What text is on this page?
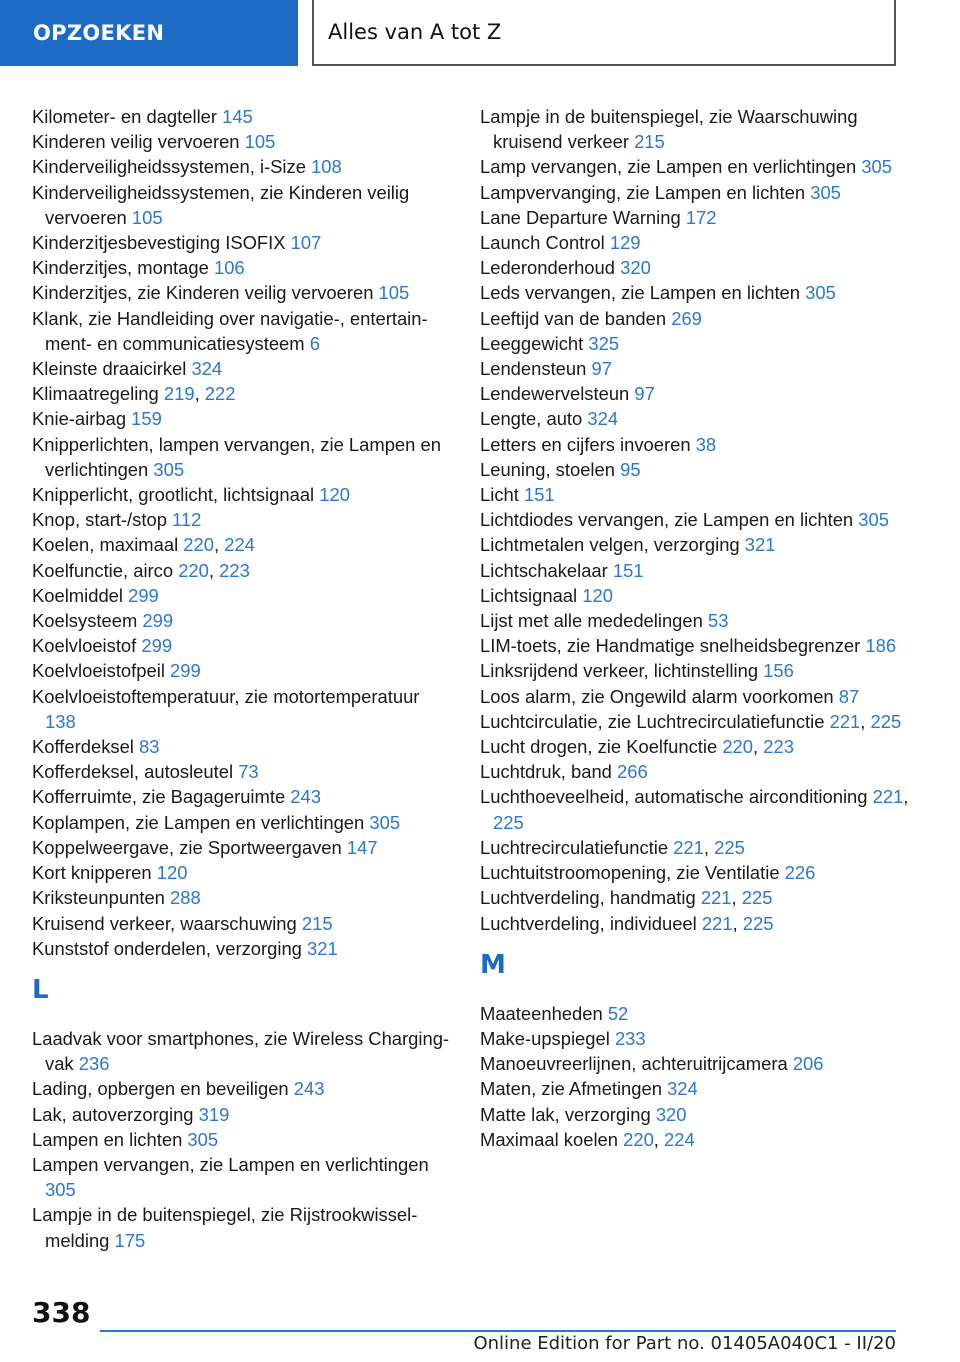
OPZOEKEN	Alles van A tot Z
Kilometer- en dagteller 145
Kinderen veilig vervoeren 105
Kinderveiligheidssystemen, i-Size 108
Kinderveiligheidssystemen, zie Kinderen veilig vervoeren 105
Kinderzitjesbevestiging ISOFIX 107
Kinderzitjes, montage 106
Kinderzitjes, zie Kinderen veilig vervoeren 105
Klank, zie Handleiding over navigatie-, entertainment- en communicatiesysteem 6
Kleinste draaicirkel 324
Klimaatregeling 219, 222
Knie-airbag 159
Knipperlichten, lampen vervangen, zie Lampen en verlichtingen 305
Knipperlicht, grootlicht, lichtsignaal 120
Knop, start-/stop 112
Koelen, maximaal 220, 224
Koelfunctie, airco 220, 223
Koelmiddel 299
Koelsysteem 299
Koelvloeistof 299
Koelvloeistofpeil 299
Koelvloeistoftemperatuur, zie motortemperatuur 138
Kofferdeksel 83
Kofferdeksel, autosleutel 73
Kofferruimte, zie Bagageruimte 243
Koplampen, zie Lampen en verlichtingen 305
Koppelweergave, zie Sportweergaven 147
Kort knipperen 120
Kriksteunpunten 288
Kruisend verkeer, waarschuwing 215
Kunststof onderdelen, verzorging 321
L
Laadvak voor smartphones, zie Wireless Charging-vak 236
Lading, opbergen en beveiligen 243
Lak, autoverzorging 319
Lampen en lichten 305
Lampen vervangen, zie Lampen en verlichtingen 305
Lampje in de buitenspiegel, zie Rijstrookwisselmelding 175
Lampje in de buitenspiegel, zie Waarschuwing kruisend verkeer 215
Lamp vervangen, zie Lampen en verlichtingen 305
Lampvervanging, zie Lampen en lichten 305
Lane Departure Warning 172
Launch Control 129
Lederonderhoud 320
Leds vervangen, zie Lampen en lichten 305
Leeftijd van de banden 269
Leeggewicht 325
Lendensteun 97
Lendewervelsteun 97
Lengte, auto 324
Letters en cijfers invoeren 38
Leuning, stoelen 95
Licht 151
Lichtdiodes vervangen, zie Lampen en lichten 305
Lichtmetalen velgen, verzorging 321
Lichtschakelaar 151
Lichtsignaal 120
Lijst met alle mededelingen 53
LIM-toets, zie Handmatige snelheidsbegrenzer 186
Linksrijdend verkeer, lichtinstelling 156
Loos alarm, zie Ongewild alarm voorkomen 87
Luchtcirculatie, zie Luchtrecirculatiefunctie 221, 225
Lucht drogen, zie Koelfunctie 220, 223
Luchtdruk, band 266
Luchthoeveelheid, automatische airconditioning 221, 225
Luchtrecirculatiefunctie 221, 225
Luchtuitstroomopening, zie Ventilatie 226
Luchtverdeling, handmatig 221, 225
Luchtverdeling, individueel 221, 225
M
Maateenheden 52
Make-upspiegel 233
Manoeuvreerlijnen, achteruitrijcamera 206
Maten, zie Afmetingen 324
Matte lak, verzorging 320
Maximaal koelen 220, 224
338
Online Edition for Part no. 01405A040C1 - II/20
